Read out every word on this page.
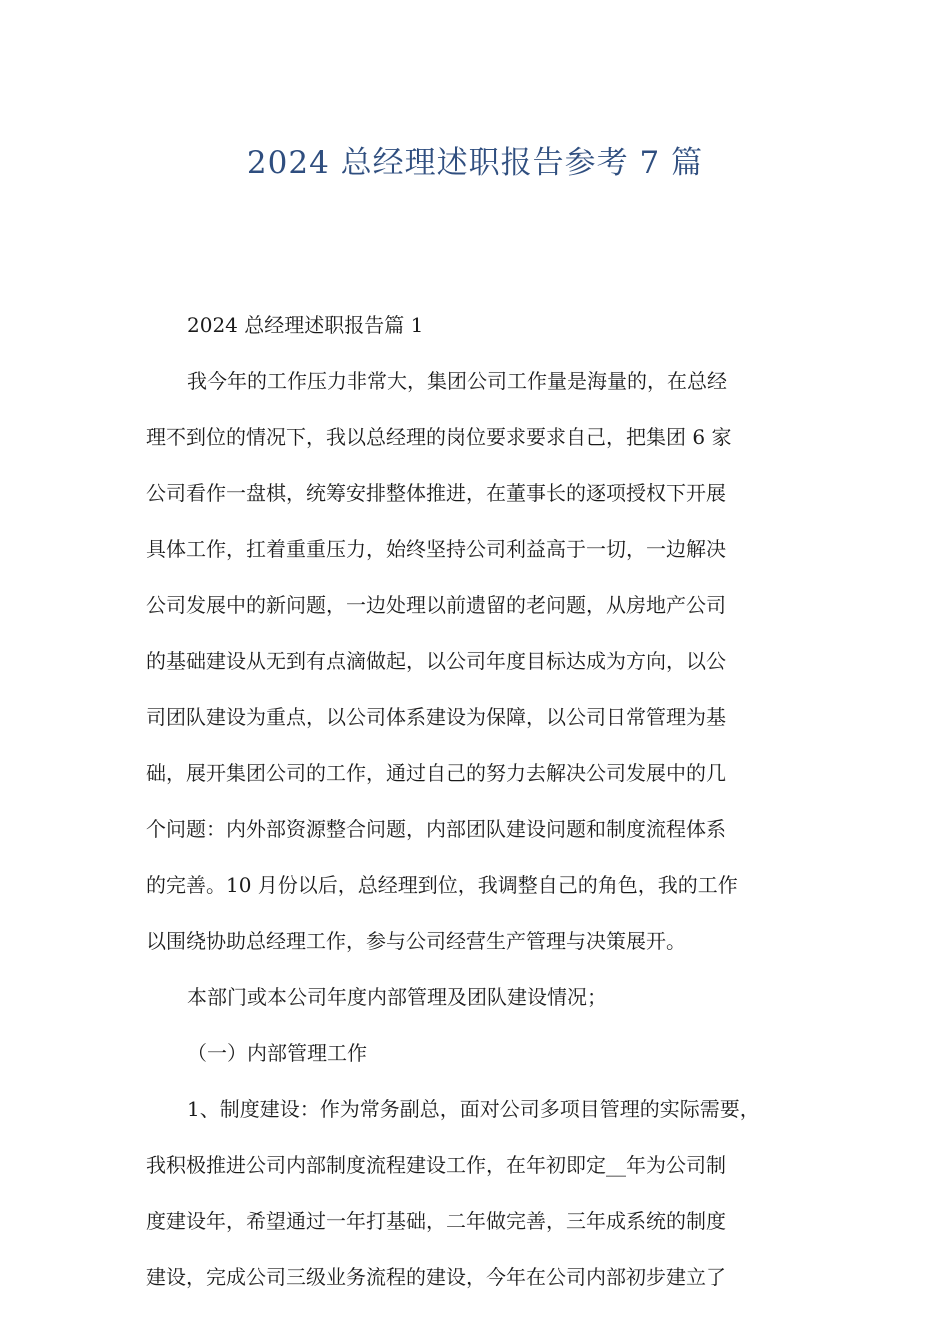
2024 总经理述职报告参考 7 篇
2024 总经理述职报告篇 1
我今年的工作压力非常大，集团公司工作量是海量的，在总经
理不到位的情况下，我以总经理的岗位要求要求自己，把集团 6 家
公司看作一盘棋，统筹安排整体推进，在董事长的逐项授权下开展
具体工作，扛着重重压力，始终坚持公司利益高于一切，一边解决
公司发展中的新问题，一边处理以前遗留的老问题，从房地产公司
的基础建设从无到有点滴做起，以公司年度目标达成为方向，以公
司团队建设为重点，以公司体系建设为保障，以公司日常管理为基
础，展开集团公司的工作，通过自己的努力去解决公司发展中的几
个问题：内外部资源整合问题，内部团队建设问题和制度流程体系
的完善。10 月份以后，总经理到位，我调整自己的角色，我的工作
以围绕协助总经理工作，参与公司经营生产管理与决策展开。
本部门或本公司年度内部管理及团队建设情况；
（一）内部管理工作
1、制度建设：作为常务副总，面对公司多项目管理的实际需要，
我积极推进公司内部制度流程建设工作，在年初即定__年为公司制
度建设年，希望通过一年打基础，二年做完善，三年成系统的制度
建设，完成公司三级业务流程的建设，今年在公司内部初步建立了
